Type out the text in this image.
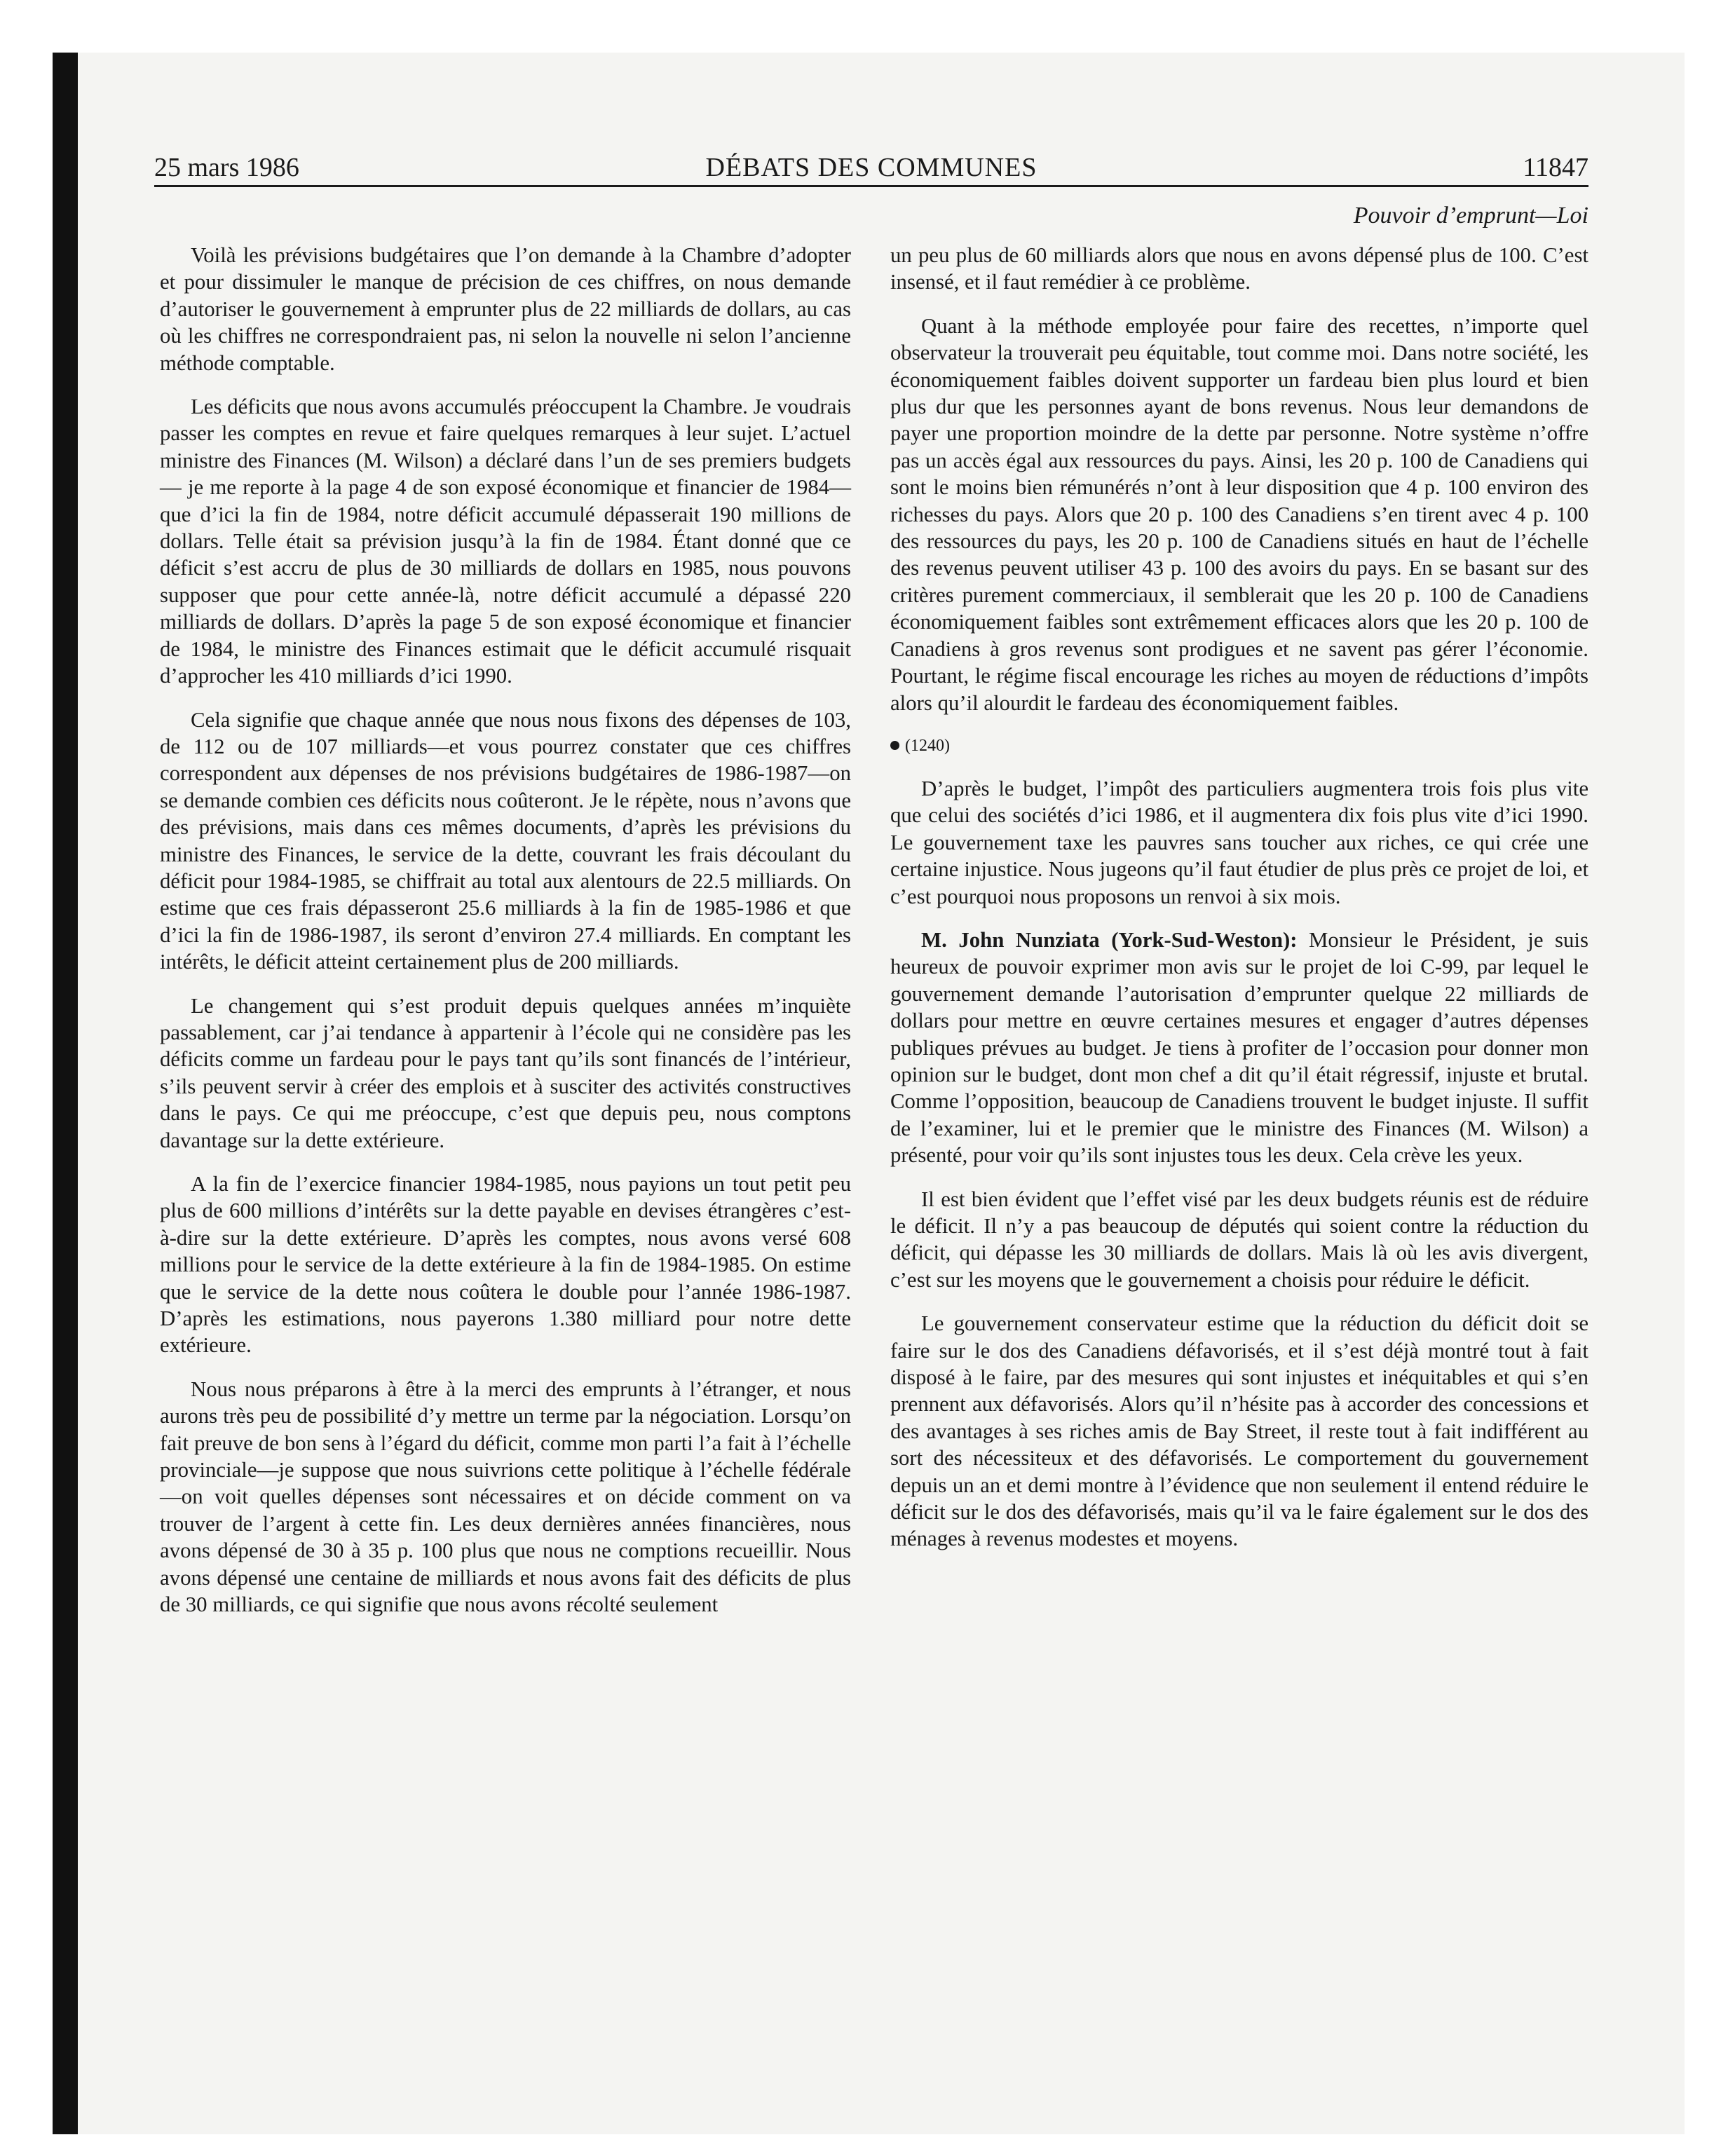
25 mars 1986	DÉBATS DES COMMUNES	11847
Pouvoir d’emprunt—Loi

Voilà les prévisions budgétaires que l’on demande à la Chambre d’adopter et pour dissimuler le manque de précision de ces chiffres, on nous demande d’autoriser le gouvernement à emprunter plus de 22 milliards de dollars, au cas où les chiffres ne correspondraient pas, ni selon la nouvelle ni selon l’ancienne méthode comptable.

Les déficits que nous avons accumulés préoccupent la Chambre. Je voudrais passer les comptes en revue et faire quelques remarques à leur sujet. L’actuel ministre des Finances (M. Wilson) a déclaré dans l’un de ses premiers budgets— je me reporte à la page 4 de son exposé économique et financier de 1984—que d’ici la fin de 1984, notre déficit accumulé dépasserait 190 millions de dollars. Telle était sa prévision jusqu’à la fin de 1984. Étant donné que ce déficit s’est accru de plus de 30 milliards de dollars en 1985, nous pouvons supposer que pour cette année-là, notre déficit accumulé a dépassé 220 milliards de dollars. D’après la page 5 de son exposé économique et financier de 1984, le ministre des Finances estimait que le déficit accumulé risquait d’approcher les 410 milliards d’ici 1990.

Cela signifie que chaque année que nous nous fixons des dépenses de 103, de 112 ou de 107 milliards—et vous pourrez constater que ces chiffres correspondent aux dépenses de nos prévisions budgétaires de 1986-1987—on se demande combien ces déficits nous coûteront. Je le répète, nous n’avons que des prévisions, mais dans ces mêmes documents, d’après les prévisions du ministre des Finances, le service de la dette, couvrant les frais découlant du déficit pour 1984-1985, se chiffrait au total aux alentours de 22.5 milliards. On estime que ces frais dépasseront 25.6 milliards à la fin de 1985-1986 et que d’ici la fin de 1986-1987, ils seront d’environ 27.4 milliards. En comptant les intérêts, le déficit atteint certainement plus de 200 milliards.

Le changement qui s’est produit depuis quelques années m’inquiète passablement, car j’ai tendance à appartenir à l’école qui ne considère pas les déficits comme un fardeau pour le pays tant qu’ils sont financés de l’intérieur, s’ils peuvent servir à créer des emplois et à susciter des activités constructives dans le pays. Ce qui me préoccupe, c’est que depuis peu, nous comptons davantage sur la dette extérieure.

A la fin de l’exercice financier 1984-1985, nous payions un tout petit peu plus de 600 millions d’intérêts sur la dette payable en devises étrangères c’est-à-dire sur la dette extérieure. D’après les comptes, nous avons versé 608 millions pour le service de la dette extérieure à la fin de 1984-1985. On estime que le service de la dette nous coûtera le double pour l’année 1986-1987. D’après les estimations, nous payerons 1.380 milliard pour notre dette extérieure.

Nous nous préparons à être à la merci des emprunts à l’étranger, et nous aurons très peu de possibilité d’y mettre un terme par la négociation. Lorsqu’on fait preuve de bon sens à l’égard du déficit, comme mon parti l’a fait à l’échelle provinciale—je suppose que nous suivrions cette politique à l’échelle fédérale—on voit quelles dépenses sont nécessaires et on décide comment on va trouver de l’argent à cette fin. Les deux dernières années financières, nous avons dépensé de 30 à 35 p. 100 plus que nous ne comptions recueillir. Nous avons dépensé une centaine de milliards et nous avons fait des déficits de plus de 30 milliards, ce qui signifie que nous avons récolté seulement

un peu plus de 60 milliards alors que nous en avons dépensé plus de 100. C’est insensé, et il faut remédier à ce problème.

Quant à la méthode employée pour faire des recettes, n’importe quel observateur la trouverait peu équitable, tout comme moi. Dans notre société, les économiquement faibles doivent supporter un fardeau bien plus lourd et bien plus dur que les personnes ayant de bons revenus. Nous leur demandons de payer une proportion moindre de la dette par personne. Notre système n’offre pas un accès égal aux ressources du pays. Ainsi, les 20 p. 100 de Canadiens qui sont le moins bien rémunérés n’ont à leur disposition que 4 p. 100 environ des richesses du pays. Alors que 20 p. 100 des Canadiens s’en tirent avec 4 p. 100 des ressources du pays, les 20 p. 100 de Canadiens situés en haut de l’échelle des revenus peuvent utiliser 43 p. 100 des avoirs du pays. En se basant sur des critères purement commerciaux, il semblerait que les 20 p. 100 de Canadiens économiquement faibles sont extrêmement efficaces alors que les 20 p. 100 de Canadiens à gros revenus sont prodigues et ne savent pas gérer l’économie. Pourtant, le régime fiscal encourage les riches au moyen de réductions d’impôts alors qu’il alourdit le fardeau des économiquement faibles.

(1240)

D’après le budget, l’impôt des particuliers augmentera trois fois plus vite que celui des sociétés d’ici 1986, et il augmentera dix fois plus vite d’ici 1990. Le gouvernement taxe les pauvres sans toucher aux riches, ce qui crée une certaine injustice. Nous jugeons qu’il faut étudier de plus près ce projet de loi, et c’est pourquoi nous proposons un renvoi à six mois.

M. John Nunziata (York-Sud-Weston): Monsieur le Président, je suis heureux de pouvoir exprimer mon avis sur le projet de loi C-99, par lequel le gouvernement demande l’autorisation d’emprunter quelque 22 milliards de dollars pour mettre en œuvre certaines mesures et engager d’autres dépenses publiques prévues au budget. Je tiens à profiter de l’occasion pour donner mon opinion sur le budget, dont mon chef a dit qu’il était régressif, injuste et brutal. Comme l’opposition, beaucoup de Canadiens trouvent le budget injuste. Il suffit de l’examiner, lui et le premier que le ministre des Finances (M. Wilson) a présenté, pour voir qu’ils sont injustes tous les deux. Cela crève les yeux.

Il est bien évident que l’effet visé par les deux budgets réunis est de réduire le déficit. Il n’y a pas beaucoup de députés qui soient contre la réduction du déficit, qui dépasse les 30 milliards de dollars. Mais là où les avis divergent, c’est sur les moyens que le gouvernement a choisis pour réduire le déficit.

Le gouvernement conservateur estime que la réduction du déficit doit se faire sur le dos des Canadiens défavorisés, et il s’est déjà montré tout à fait disposé à le faire, par des mesures qui sont injustes et inéquitables et qui s’en prennent aux défavorisés. Alors qu’il n’hésite pas à accorder des concessions et des avantages à ses riches amis de Bay Street, il reste tout à fait indifférent au sort des nécessiteux et des défavorisés. Le comportement du gouvernement depuis un an et demi montre à l’évidence que non seulement il entend réduire le déficit sur le dos des défavorisés, mais qu’il va le faire également sur le dos des ménages à revenus modestes et moyens.
